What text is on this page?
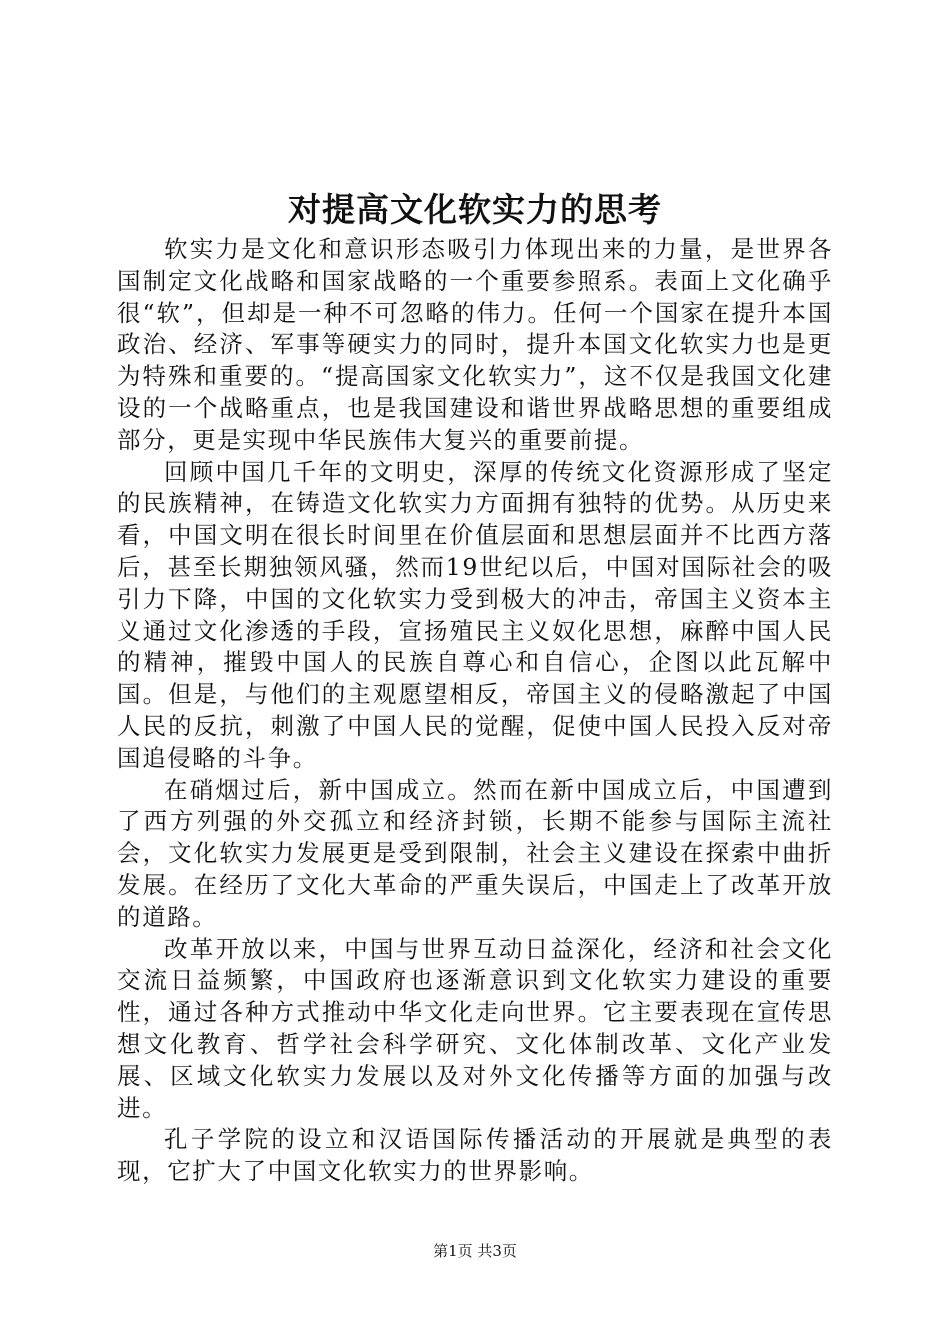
对提高文化软实力的思考

软实力是文化和意识形态吸引力体现出来的力量，是世界各国制定文化战略和国家战略的一个重要参照系。表面上文化确乎很“软”，但却是一种不可忽略的伟力。任何一个国家在提升本国政治、经济、军事等硬实力的同时，提升本国文化软实力也是更为特殊和重要的。“提高国家文化软实力”，这不仅是我国文化建设的一个战略重点，也是我国建设和谐世界战略思想的重要组成部分，更是实现中华民族伟大复兴的重要前提。

回顾中国几千年的文明史，深厚的传统文化资源形成了坚定的民族精神，在铸造文化软实力方面拥有独特的优势。从历史来看，中国文明在很长时间里在价值层面和思想层面并不比西方落后，甚至长期独领风骚，然而19世纪以后，中国对国际社会的吸引力下降，中国的文化软实力受到极大的冲击，帝国主义资本主义通过文化渗透的手段，宣扬殖民主义奴化思想，麻醉中国人民的精神，摧毁中国人的民族自尊心和自信心，企图以此瓦解中国。但是，与他们的主观愿望相反，帝国主义的侵略激起了中国人民的反抗，刺激了中国人民的觉醒，促使中国人民投入反对帝国追侵略的斗争。

在硝烟过后，新中国成立。然而在新中国成立后，中国遭到了西方列强的外交孤立和经济封锁，长期不能参与国际主流社会，文化软实力发展更是受到限制，社会主义建设在探索中曲折发展。在经历了文化大革命的严重失误后，中国走上了改革开放的道路。

改革开放以来，中国与世界互动日益深化，经济和社会文化交流日益频繁，中国政府也逐渐意识到文化软实力建设的重要性，通过各种方式推动中华文化走向世界。它主要表现在宣传思想文化教育、哲学社会科学研究、文化体制改革、文化产业发展、区域文化软实力发展以及对外文化传播等方面的加强与改进。

孔子学院的设立和汉语国际传播活动的开展就是典型的表现，它扩大了中国文化软实力的世界影响。

第1页 共3页
